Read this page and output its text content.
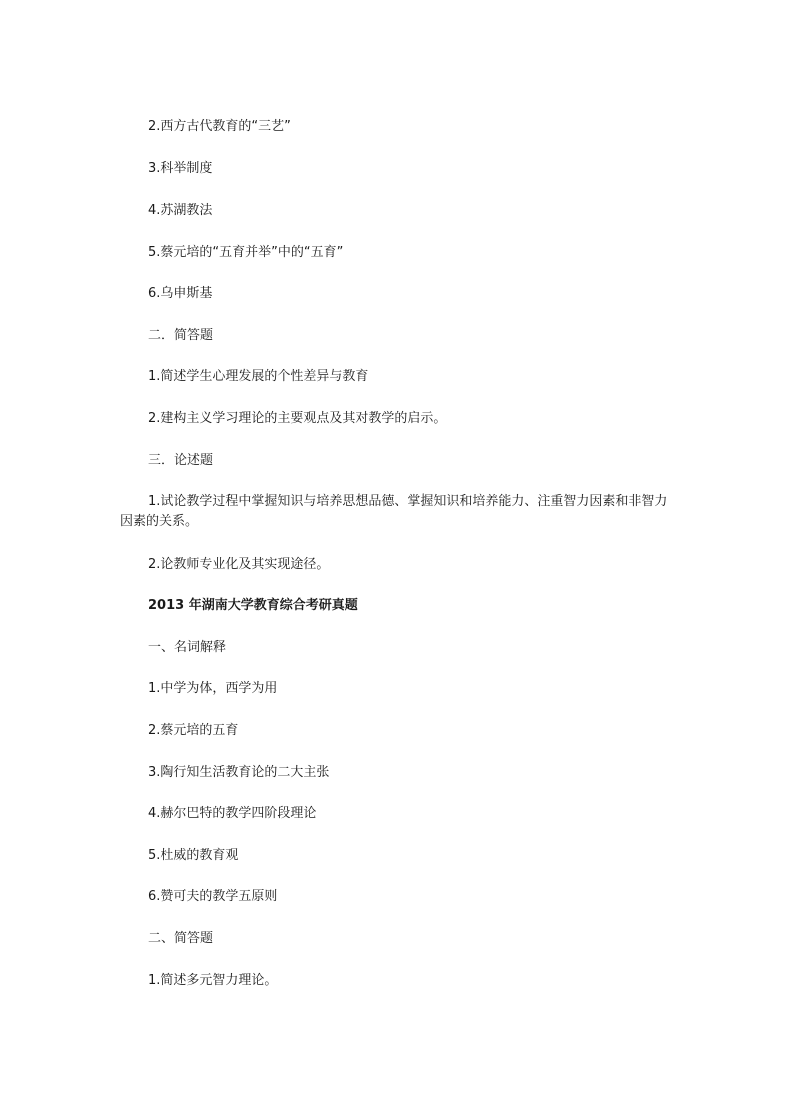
2.西方古代教育的“三艺”
3.科举制度
4.苏湖教法
5.蔡元培的“五育并举”中的“五育”
6.乌申斯基
二．简答题
1.简述学生心理发展的个性差异与教育
2.建构主义学习理论的主要观点及其对教学的启示。
三．论述题
1.试论教学过程中掌握知识与培养思想品德、掌握知识和培养能力、注重智力因素和非智力因素的关系。
2.论教师专业化及其实现途径。
2013 年湖南大学教育综合考研真题
一、名词解释
1.中学为体，西学为用
2.蔡元培的五育
3.陶行知生活教育论的二大主张
4.赫尔巴特的教学四阶段理论
5.杜威的教育观
6.赞可夫的教学五原则
二、简答题
1.简述多元智力理论。
